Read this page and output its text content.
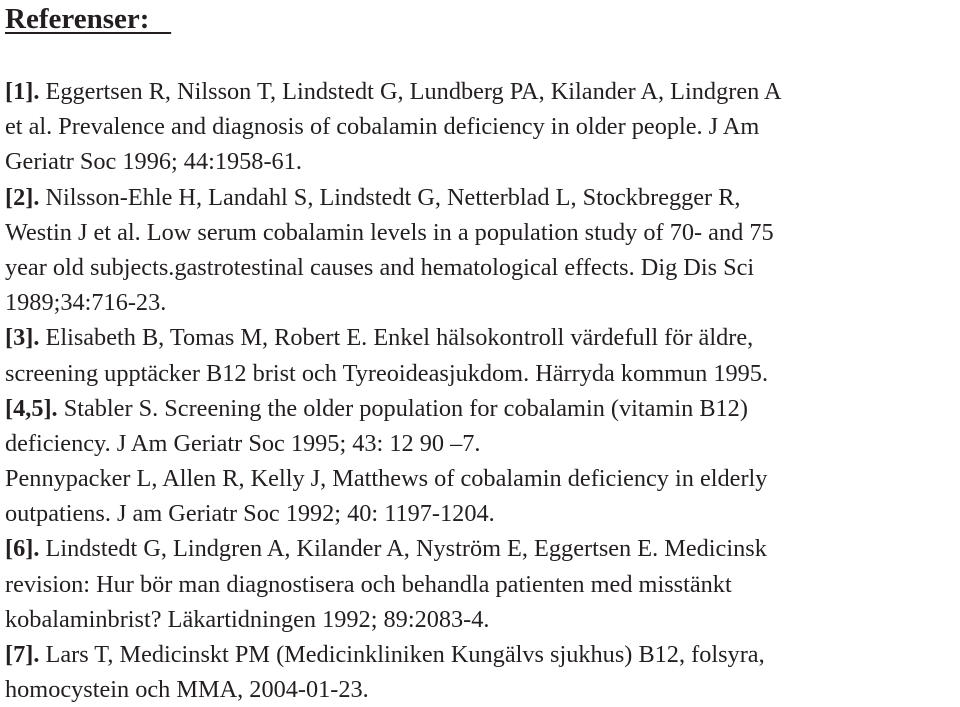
Referenser:
[1]. Eggertsen R, Nilsson T, Lindstedt G, Lundberg PA, Kilander A, Lindgren A
et al. Prevalence and diagnosis of cobalamin deficiency in older people. J Am
Geriatr Soc 1996; 44:1958-61.
[2]. Nilsson-Ehle H, Landahl S, Lindstedt G, Netterblad L, Stockbregger R,
Westin J et al. Low serum cobalamin levels in a population study of 70- and 75
year old subjects.gastrotestinal causes and hematological effects. Dig Dis Sci
1989;34:716-23.
[3]. Elisabeth B, Tomas M, Robert E. Enkel hälsokontroll värdefull för äldre,
screening upptäcker B12 brist och Tyreoideasjukdom. Härryda kommun 1995.
[4,5]. Stabler S. Screening the older population for cobalamin (vitamin B12)
deficiency. J Am Geriatr Soc 1995; 43: 12 90 –7.
Pennypacker L, Allen R, Kelly J, Matthews of cobalamin deficiency in elderly
outpatiens. J am Geriatr Soc 1992; 40: 1197-1204.
[6]. Lindstedt G, Lindgren A, Kilander A, Nyström E, Eggertsen E. Medicinsk
revision: Hur bör man diagnostisera och behandla patienten med misstänkt
kobalaminbrist? Läkartidningen 1992; 89:2083-4.
[7]. Lars T, Medicinskt PM (Medicinkliniken Kungälvs sjukhus) B12, folsyra,
homocystein och MMA, 2004-01-23.
